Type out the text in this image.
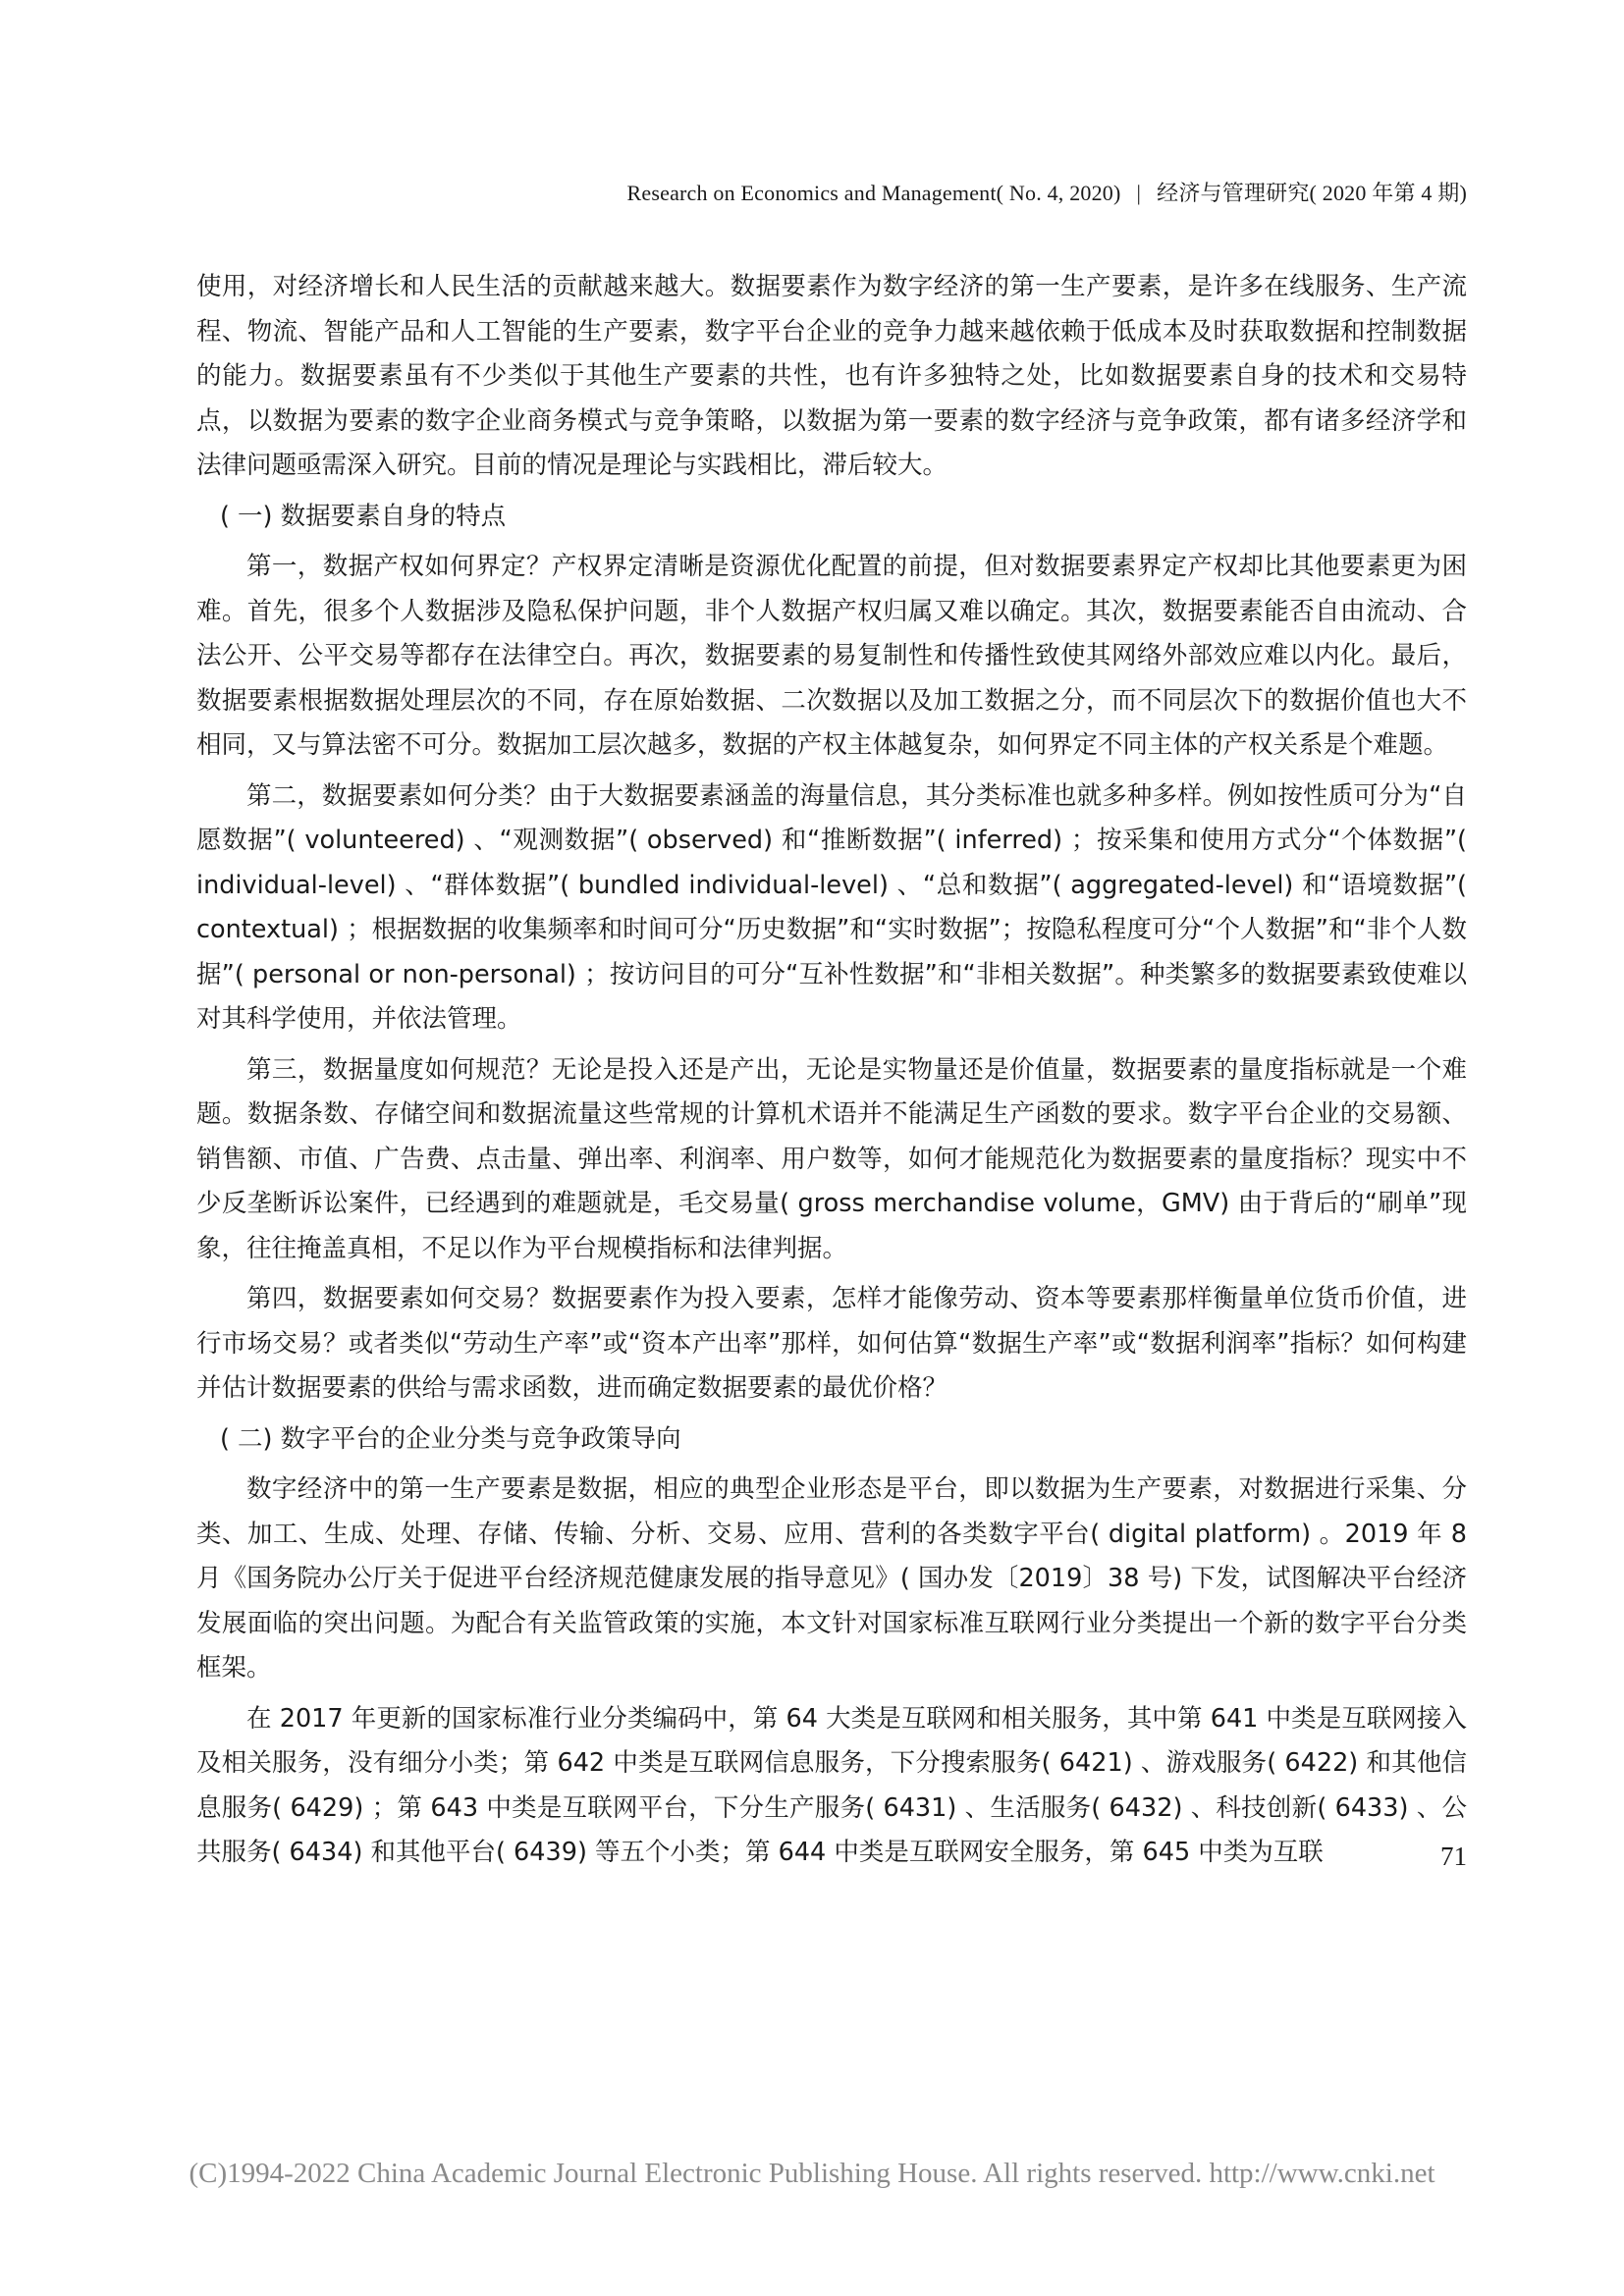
Research on Economics and Management( No. 4, 2020) | 经济与管理研究( 2020 年第 4 期)

使用，对经济增长和人民生活的贡献越来越大。数据要素作为数字经济的第一生产要素，是许多在线服务、生产流程、物流、智能产品和人工智能的生产要素，数字平台企业的竞争力越来越依赖于低成本及时获取数据和控制数据的能力。数据要素虽有不少类似于其他生产要素的共性，也有许多独特之处，比如数据要素自身的技术和交易特点，以数据为要素的数字企业商务模式与竞争策略，以数据为第一要素的数字经济与竞争政策，都有诸多经济学和法律问题亟需深入研究。目前的情况是理论与实践相比，滞后较大。

( 一) 数据要素自身的特点

第一，数据产权如何界定？产权界定清晰是资源优化配置的前提，但对数据要素界定产权却比其他要素更为困难。首先，很多个人数据涉及隐私保护问题，非个人数据产权归属又难以确定。其次，数据要素能否自由流动、合法公开、公平交易等都存在法律空白。再次，数据要素的易复制性和传播性致使其网络外部效应难以内化。最后，数据要素根据数据处理层次的不同，存在原始数据、二次数据以及加工数据之分，而不同层次下的数据价值也大不相同，又与算法密不可分。数据加工层次越多，数据的产权主体越复杂，如何界定不同主体的产权关系是个难题。

第二，数据要素如何分类？由于大数据要素涵盖的海量信息，其分类标准也就多种多样。例如按性质可分为“自愿数据”( volunteered) 、“观测数据”( observed) 和“推断数据”( inferred) ；按采集和使用方式分“个体数据”( individual-level) 、“群体数据”( bundled individual-level) 、“总和数据”( aggregated-level) 和“语境数据”( contextual) ；根据数据的收集频率和时间可分“历史数据”和“实时数据”；按隐私程度可分“个人数据”和“非个人数据”( personal or non-personal) ；按访问目的可分“互补性数据”和“非相关数据”。种类繁多的数据要素致使难以对其科学使用，并依法管理。

第三，数据量度如何规范？无论是投入还是产出，无论是实物量还是价值量，数据要素的量度指标就是一个难题。数据条数、存储空间和数据流量这些常规的计算机术语并不能满足生产函数的要求。数字平台企业的交易额、销售额、市值、广告费、点击量、弹出率、利润率、用户数等，如何才能规范化为数据要素的量度指标？现实中不少反垄断诉讼案件，已经遇到的难题就是，毛交易量( gross merchandise volume，GMV) 由于背后的“刷单”现象，往往掩盖真相，不足以作为平台规模指标和法律判据。

第四，数据要素如何交易？数据要素作为投入要素，怎样才能像劳动、资本等要素那样衡量单位货币价值，进行市场交易？或者类似“劳动生产率”或“资本产出率”那样，如何估算“数据生产率”或“数据利润率”指标？如何构建并估计数据要素的供给与需求函数，进而确定数据要素的最优价格？

( 二) 数字平台的企业分类与竞争政策导向

数字经济中的第一生产要素是数据，相应的典型企业形态是平台，即以数据为生产要素，对数据进行采集、分类、加工、生成、处理、存储、传输、分析、交易、应用、营利的各类数字平台( digital platform) 。2019 年 8 月《国务院办公厅关于促进平台经济规范健康发展的指导意见》( 国办发〔2019〕38 号) 下发，试图解决平台经济发展面临的突出问题。为配合有关监管政策的实施，本文针对国家标准互联网行业分类提出一个新的数字平台分类框架。

在 2017 年更新的国家标准行业分类编码中，第 64 大类是互联网和相关服务，其中第 641 中类是互联网接入及相关服务，没有细分小类；第 642 中类是互联网信息服务，下分搜索服务( 6421) 、游戏服务( 6422) 和其他信息服务( 6429) ；第 643 中类是互联网平台，下分生产服务( 6431) 、生活服务( 6432) 、科技创新( 6433) 、公共服务( 6434) 和其他平台( 6439) 等五个小类；第 644 中类是互联网安全服务，第 645 中类为互联	71
(C)1994-2022 China Academic Journal Electronic Publishing House. All rights reserved. http://www.cnki.net
